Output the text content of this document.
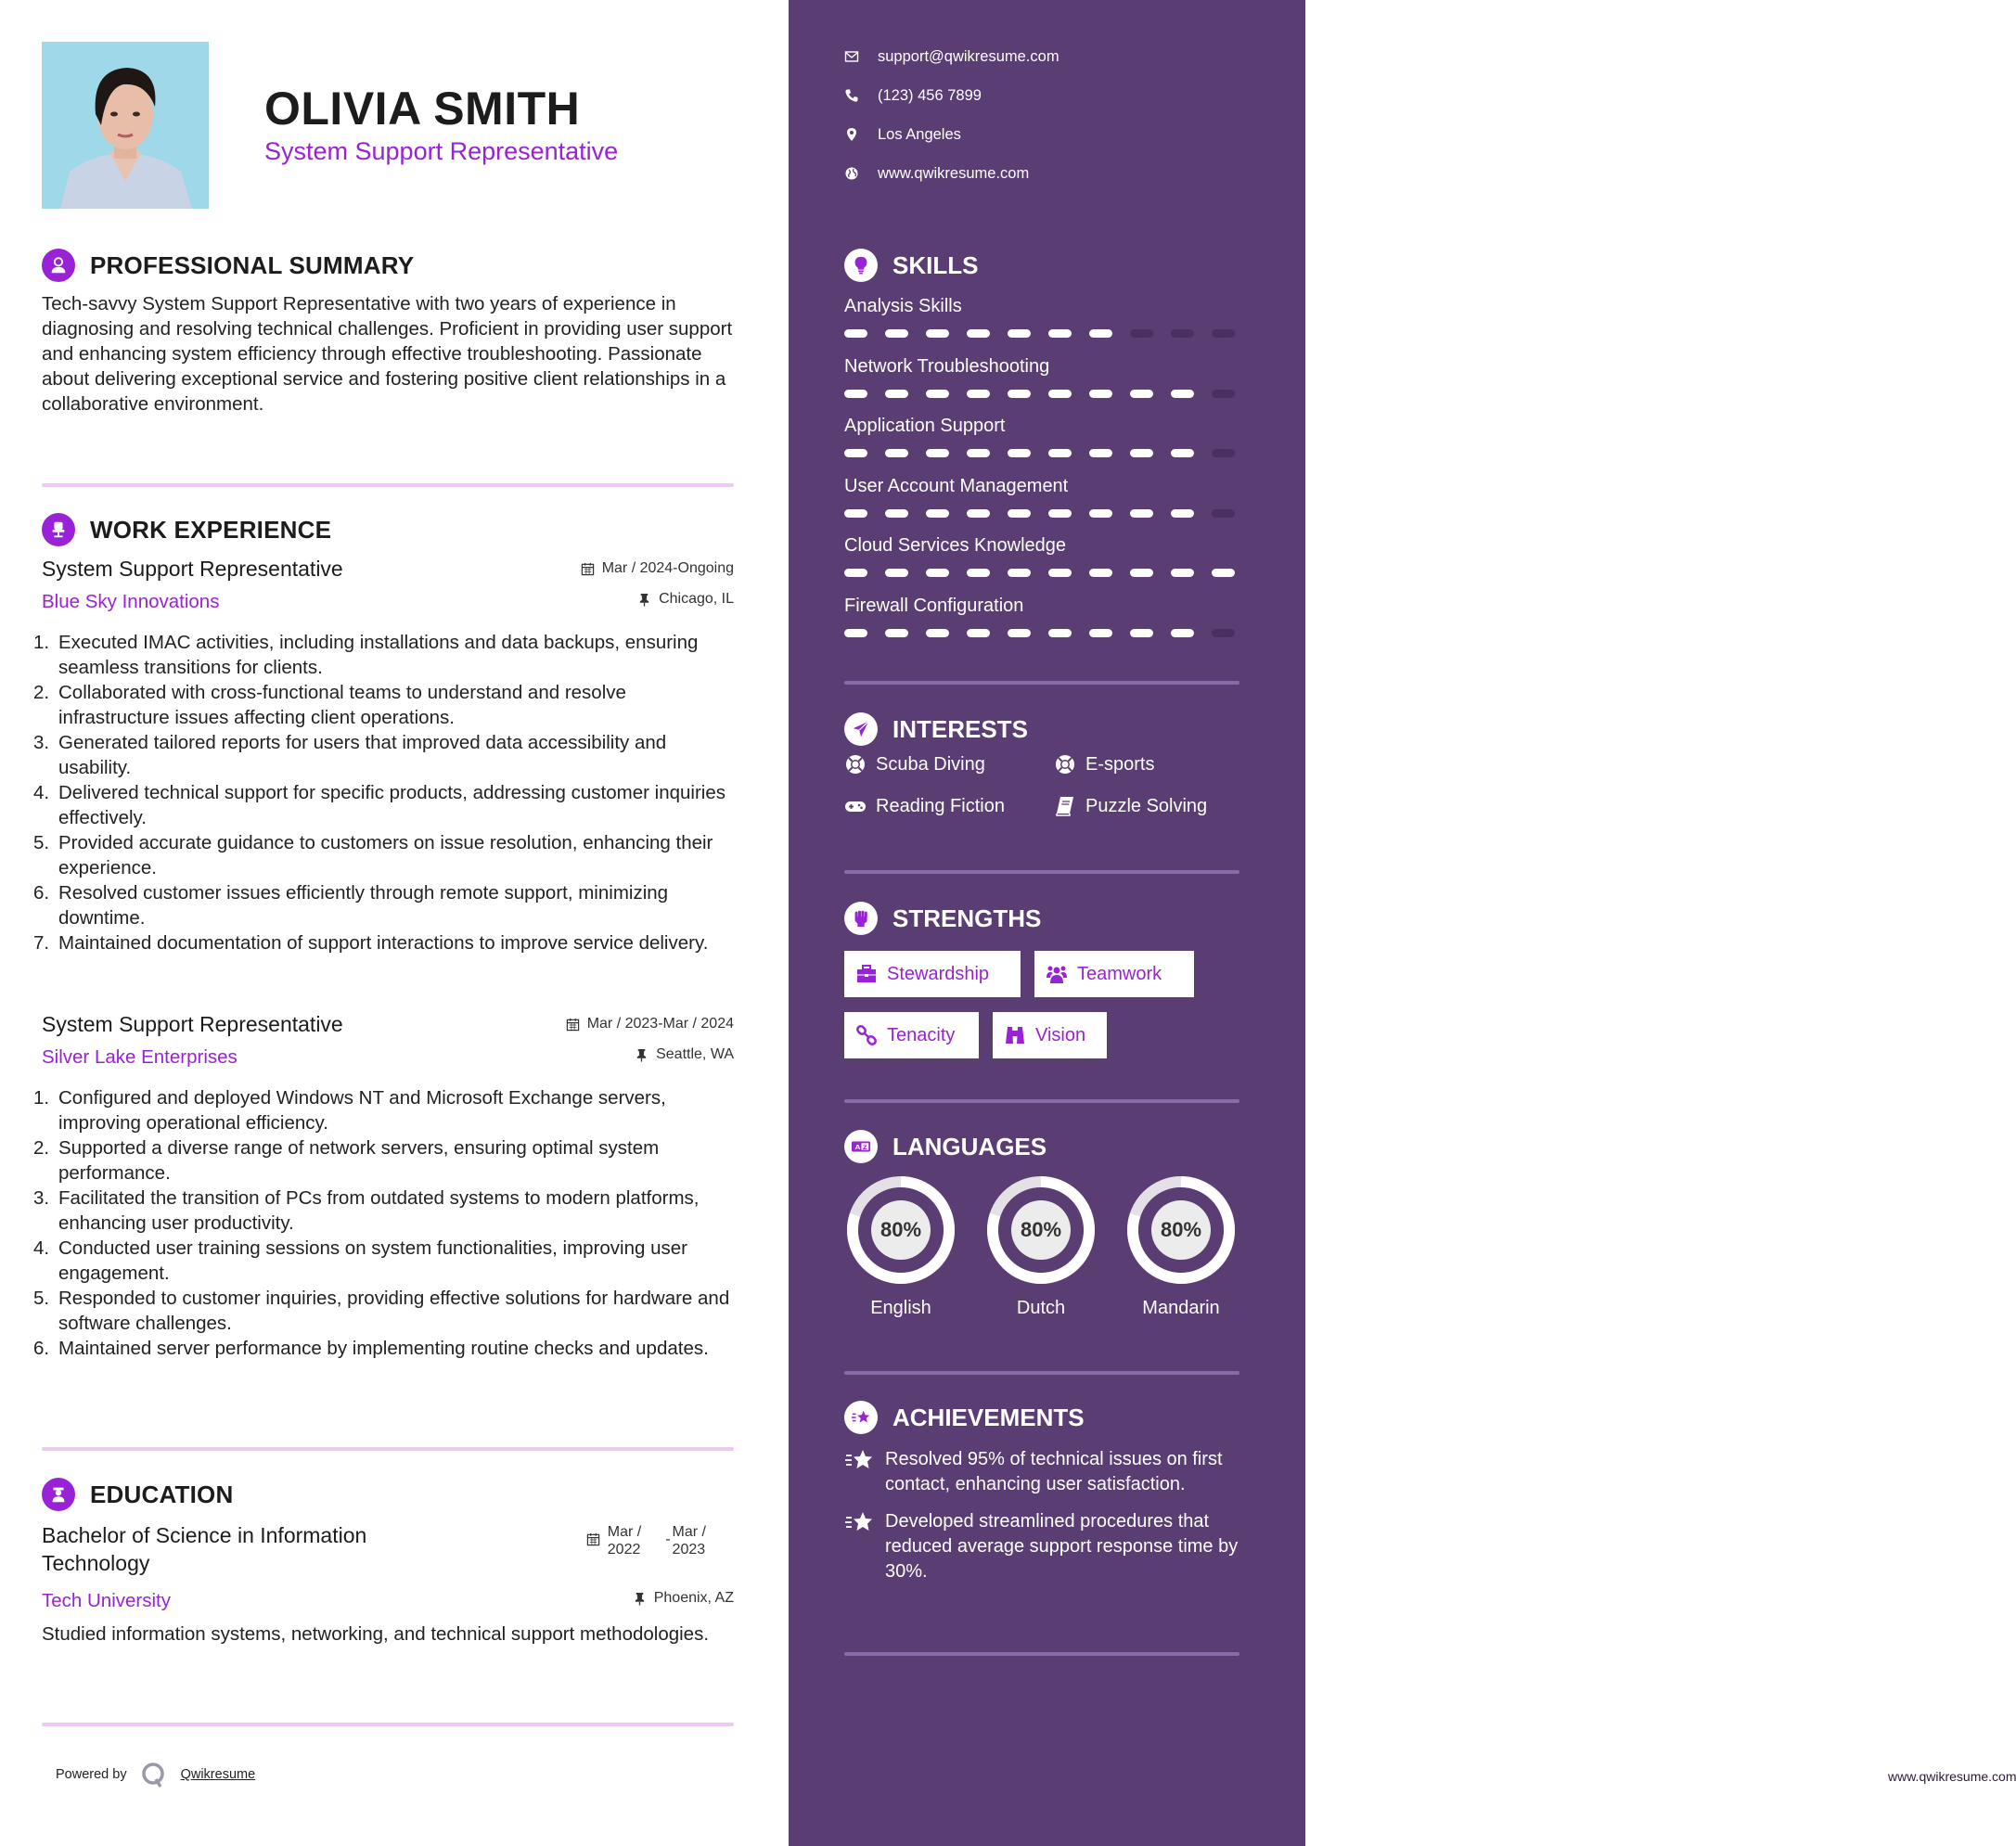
OLIVIA SMITH
System Support Representative
PROFESSIONAL SUMMARY
Tech-savvy System Support Representative with two years of experience in diagnosing and resolving technical challenges. Proficient in providing user support and enhancing system efficiency through effective troubleshooting. Passionate about delivering exceptional service and fostering positive client relationships in a collaborative environment.
WORK EXPERIENCE
System Support Representative
Blue Sky Innovations
Mar / 2024-Ongoing
Chicago, IL
1. Executed IMAC activities, including installations and data backups, ensuring seamless transitions for clients.
2. Collaborated with cross-functional teams to understand and resolve infrastructure issues affecting client operations.
3. Generated tailored reports for users that improved data accessibility and usability.
4. Delivered technical support for specific products, addressing customer inquiries effectively.
5. Provided accurate guidance to customers on issue resolution, enhancing their experience.
6. Resolved customer issues efficiently through remote support, minimizing downtime.
7. Maintained documentation of support interactions to improve service delivery.
System Support Representative
Silver Lake Enterprises
Mar / 2023-Mar / 2024
Seattle, WA
1. Configured and deployed Windows NT and Microsoft Exchange servers, improving operational efficiency.
2. Supported a diverse range of network servers, ensuring optimal system performance.
3. Facilitated the transition of PCs from outdated systems to modern platforms, enhancing user productivity.
4. Conducted user training sessions on system functionalities, improving user engagement.
5. Responded to customer inquiries, providing effective solutions for hardware and software challenges.
6. Maintained server performance by implementing routine checks and updates.
EDUCATION
Bachelor of Science in Information Technology
Mar /
2022
- Mar /
2023
Phoenix, AZ
Tech University
Studied information systems, networking, and technical support methodologies.
Powered by	Qwikresume
support@qwikresume.com
(123) 456 7899
Los Angeles
www.qwikresume.com
SKILLS
Analysis Skills
Network Troubleshooting
Application Support
User Account Management
Cloud Services Knowledge
Firewall Configuration
INTERESTS
Scuba Diving	E-sports
Reading Fiction	Puzzle Solving
STRENGTHS
Stewardship	Teamwork
Tenacity	Vision
A Z LANGUAGES
80%
English
80%
Dutch
80%
Mandarin
ACHIEVEMENTS
Resolved 95% of technical issues on first contact, enhancing user satisfaction.
Developed streamlined procedures that reduced average support response time by 30%.
www.qwikresume.com
